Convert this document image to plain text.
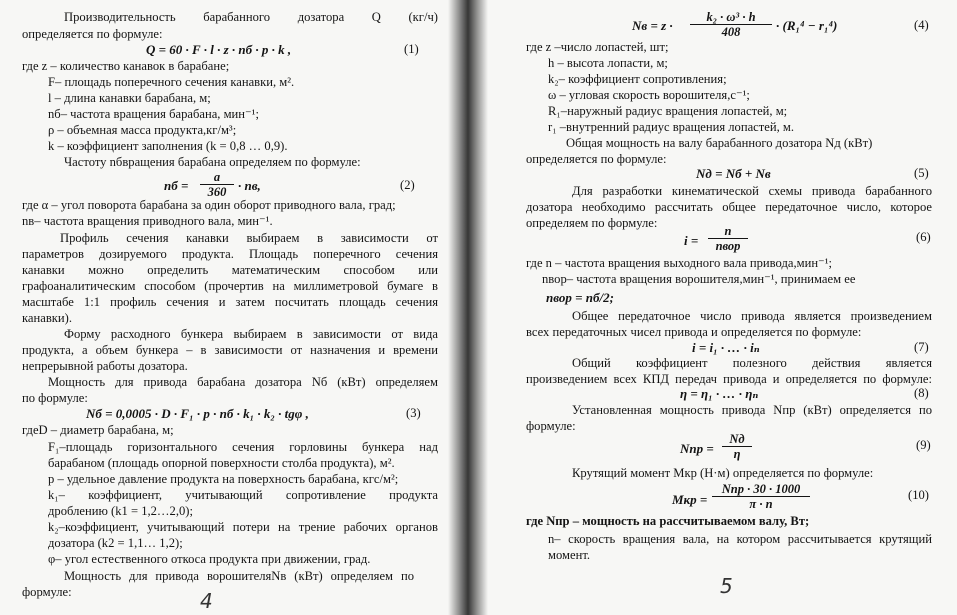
Производительность барабанного дозатора Q (кг/ч)
определяется по формуле:
Q = 60 · F · l · z · nб · p · k ,	(1)
где z – количество канавок в барабане;
F– площадь поперечного сечения канавки, м².
l – длина канавки барабана, м;
nб– частота вращения барабана, мин⁻¹;
ρ – объемная масса продукта,кг/м³;
k – коэффициент заполнения (k = 0,8 … 0,9).
Частоту nбвращения барабана определяем по формуле:
nб = $\frac{a}{360}$ · nв,	(2)
где α – угол поворота барабана за один оборот приводного вала, град;
nв– частота вращения приводного вала, мин⁻¹.
Профиль сечения канавки выбираем в зависимости от
параметров дозируемого продукта. Площадь поперечного сечения
канавки можно определить математическим способом или
графоаналитическим способом (прочертив на миллиметровой бумаге в
масштабе 1:1 профиль сечения и затем посчитать площадь сечения
канавки).
Форму расходного бункера выбираем в зависимости от вида
продукта, а объем бункера – в зависимости от назначения и времени
непрерывной работы дозатора.
Мощность для привода барабана дозатора Nб (кВт) определяем
по формуле:
Nб = 0,0005 · D · F₁ · p · nб · k₁ · k₂ · tgφ ,	(3)
гдеD – диаметр барабана, м;
F₁–площадь горизонтального сечения горловины бункера над
барабаном (площадь опорной поверхности столба продукта), м².
p – удельное давление продукта на поверхность барабана, кгс/м²;
k₁– коэффициент, учитывающий сопротивление продукта
дроблению (k1 = 1,2…2,0);
k₂–коэффициент, учитывающий потери на трение рабочих органов
дозатора (k2 = 1,1… 1,2);
φ– угол естественного откоса продукта при движении, град.
Мощность для привода ворошителяNв (кВт) определяем по
формуле:	4
Nв = $z \cdot \frac{\text{k₂ · ω³ · h}}{408} \cdot (R_1^4 - r_1^4)$	(4)
где z –число лопастей, шт;
h – высота лопасти, м;
k₂– коэффициент сопротивления;
ω – угловая скорость ворошителя,с⁻¹;
R₁–наружный радиус вращения лопастей, м;
r₁ –внутренний радиус вращения лопастей, м.
Общая мощность на валу барабанного дозатора Nд (кВт)
определяется по формуле:
Nд = Nб + Nв	(5)
Для разработки кинематической схемы привода барабанного
дозатора необходимо рассчитать общее передаточное число, которое
определяем по формуле:
i =
n
nвор
(6)
где n – частота вращения выходного вала привода,мин⁻¹;
nвор– частота вращения ворошителя,мин⁻¹, принимаем ее
nвор = nб/2;
Общее передаточное число привода является произведением
всех передаточных чисел привода и определяется по формуле:
i = i₁ · … · iₙ	(7)
Общий коэффициент полезного действия является
произведением всех КПД передач привода и определяется по формуле:
η = η₁ · … · ηₙ	(8)
Установленная мощность привода Nпр (кВт) определяется по
формуле:
Nпр =
Nд
η
(9)
Крутящий момент Mкр (Н·м) определяется по формуле:
Mкр =
Nпр · 30 · 1000
π · n
(10)
где Nпр – мощность на рассчитываемом валу, Вт;
n– скорость вращения вала, на котором рассчитывается крутящий
момент.
5
